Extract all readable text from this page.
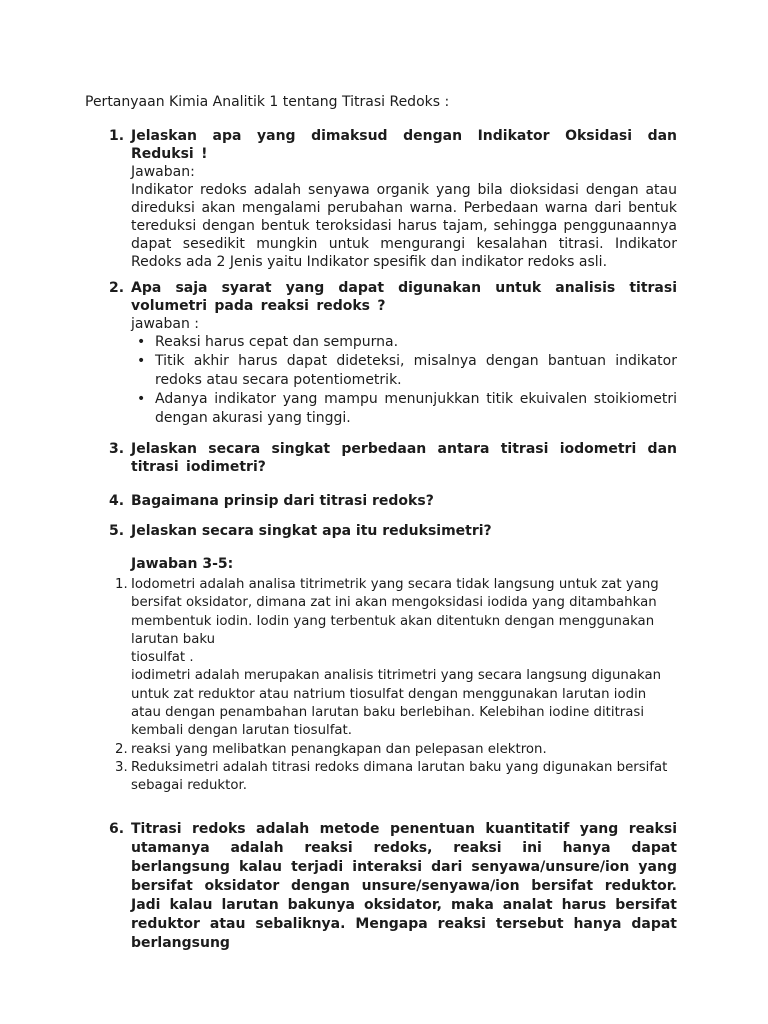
Pertanyaan Kimia Analitik 1 tentang Titrasi Redoks :

1. Jelaskan apa yang dimaksud dengan Indikator Oksidasi dan Reduksi !

Jawaban:

Indikator redoks adalah senyawa organik yang bila dioksidasi dengan atau direduksi akan mengalami perubahan warna. Perbedaan warna dari bentuk tereduksi dengan bentuk teroksidasi harus tajam, sehingga penggunaannya dapat sesedikit mungkin untuk mengurangi kesalahan titrasi. Indikator Redoks ada 2 Jenis yaitu Indikator spesifik dan indikator redoks asli.

2. Apa saja syarat yang dapat digunakan untuk analisis titrasi volumetri pada reaksi redoks ?

jawaban :

• Reaksi harus cepat dan sempurna.

• Titik akhir harus dapat dideteksi, misalnya dengan bantuan indikator redoks atau secara potentiometrik.

• Adanya indikator yang mampu menunjukkan titik ekuivalen stoikiometri dengan akurasi yang tinggi.

3. Jelaskan secara singkat perbedaan antara titrasi iodometri dan titrasi iodimetri?

4. Bagaimana prinsip dari titrasi redoks?

5. Jelaskan secara singkat apa itu reduksimetri?

Jawaban 3-5:

1. Iodometri adalah analisa titrimetrik yang secara tidak langsung untuk zat yang bersifat oksidator, dimana zat ini akan mengoksidasi iodida yang ditambahkan membentuk iodin. Iodin yang terbentuk akan ditentukn dengan menggunakan larutan baku

tiosulfat .

iodimetri adalah merupakan analisis titrimetri yang secara langsung digunakan untuk zat reduktor atau natrium tiosulfat dengan menggunakan larutan iodin atau dengan penambahan larutan baku berlebihan. Kelebihan iodine dititrasi kembali dengan larutan tiosulfat.

2. reaksi yang melibatkan penangkapan dan pelepasan elektron.

3. Reduksimetri adalah titrasi redoks dimana larutan baku yang digunakan bersifat sebagai reduktor.

6. Titrasi redoks adalah metode penentuan kuantitatif yang reaksi utamanya adalah reaksi redoks, reaksi ini hanya dapat berlangsung kalau terjadi interaksi dari senyawa/unsure/ion yang bersifat oksidator dengan unsure/senyawa/ion bersifat reduktor. Jadi kalau larutan bakunya oksidator, maka analat harus bersifat reduktor atau sebaliknya. Mengapa reaksi tersebut hanya dapat berlangsung
